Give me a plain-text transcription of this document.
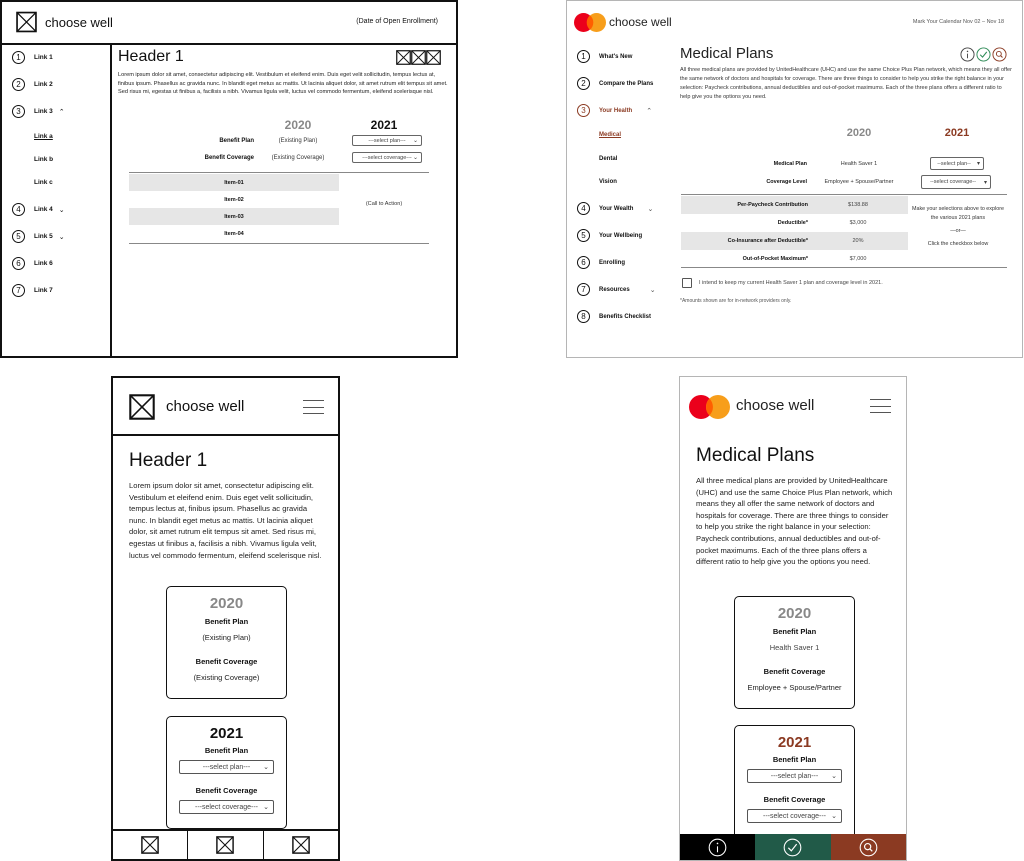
choose well	(Date of Open Enrollment)
1	Link 1
2	Link 2
3	Link 3 ⌃
Link a
Link b
Link c
4	Link 4 ⌄
5	Link 5 ⌄
6	Link 6
7	Link 7
Header 1

Lorem ipsum dolor sit amet, consectetur adipiscing elit. Vestibulum et eleifend enim. Duis eget velit sollicitudin, tempus lectus at, finibus ipsum. Phasellus ac gravida nunc. In blandit eget metus ac mattis. Ut lacinia aliquet dolor, sit amet rutrum elit tempus sit amet. Sed risus mi, egestas ut finibus a, facilisis a nibh. Vivamus ligula velit, luctus vel commodo fermentum, eleifend scelerisque nisl.

2020	2021
Benefit Plan	(Existing Plan)	---select plan--- ⌄
Benefit Coverage	(Existing Coverage)	---select coverage--- ⌄
Item-01
Item-02
Item-03
Item-04
(Call to Action)
choose well	Mark Your Calendar Nov 02 – Nov 18
1	What's New
2	Compare the Plans
3	Your Health ⌃
Medical
Dental
Vision
4	Your Wealth ⌄
5	Your Wellbeing
6	Enrolling
7	Resources	⌄
8	Benefits Checklist
Medical Plans

All three medical plans are provided by UnitedHealthcare (UHC) and use the same Choice Plus Plan network, which means they all offer the same network of doctors and hospitals for coverage. There are three things to consider to help you strike the right balance in your selection: Paycheck contributions, annual deductibles and out-of-pocket maximums. Each of the three plans offers a different ratio to help give you the options you need.

2020	2021
Medical Plan	Health Saver 1	--select plan-- ▾
Coverage Level	Employee + Spouse/Partner	--select coverage-- ▾
Per-Paycheck Contribution	$138.88
Deductible*	$3,000
Co-Insurance after Deductible*	20%
Out-of-Pocket Maximum*	$7,000
Make your selections above to explore the various 2021 plans
—or—
Click the checkbox below
I intend to keep my current Health Saver 1 plan and coverage level in 2021.
*Amounts shown are for in-network providers only.
choose well
Header 1

Lorem ipsum dolor sit amet, consectetur adipiscing elit. Vestibulum et eleifend enim. Duis eget velit sollicitudin, tempus lectus at, finibus ipsum. Phasellus ac gravida nunc. In blandit eget metus ac mattis. Ut lacinia aliquet dolor, sit amet rutrum elit tempus sit amet. Sed risus mi, egestas ut finibus a, facilisis a nibh. Vivamus ligula velit, luctus vel commodo fermentum, eleifend scelerisque nisl.

2020
Benefit Plan
(Existing Plan)
Benefit Coverage
(Existing Coverage)
2021
Benefit Plan
---select plan--- ⌄
Benefit Coverage
---select coverage--- ⌄
choose well
Medical Plans

All three medical plans are provided by UnitedHealthcare (UHC) and use the same Choice Plus Plan network, which means they all offer the same network of doctors and hospitals for coverage. There are three things to consider to help you strike the right balance in your selection: Paycheck contributions, annual deductibles and out-of-pocket maximums. Each of the three plans offers a different ratio to help give you the options you need.

2020
Benefit Plan
Health Saver 1
Benefit Coverage
Employee + Spouse/Partner
2021
Benefit Plan
---select plan--- ⌄
Benefit Coverage
---select coverage--- ⌄
